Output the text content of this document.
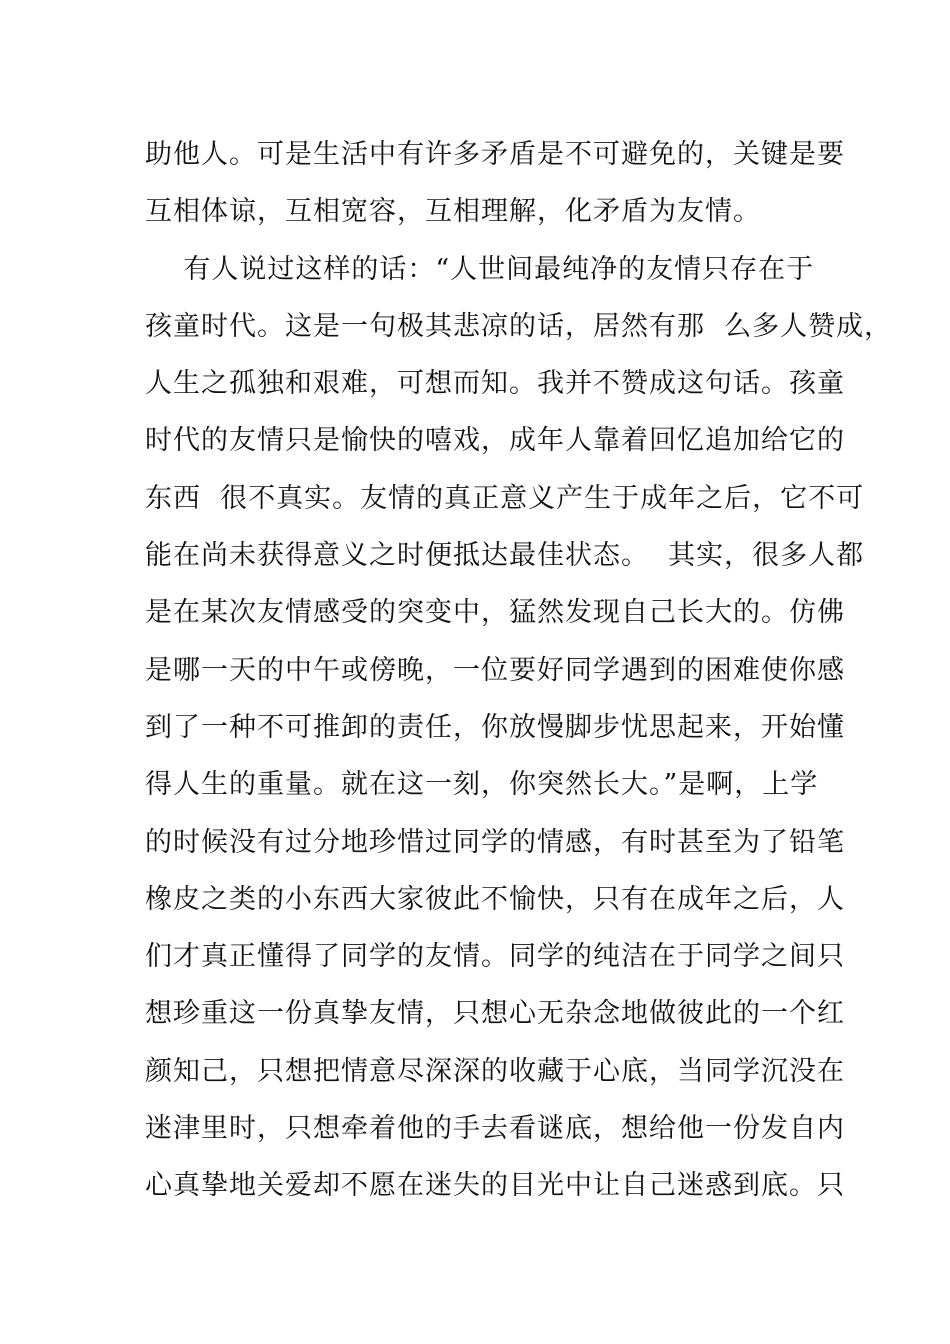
助他人。可是生活中有许多矛盾是不可避免的，关键是要
互相体谅，互相宽容，互相理解，化矛盾为友情。
有人说过这样的话：“人世间最纯净的友情只存在于
孩童时代。这是一句极其悲凉的话，居然有那  么多人赞成，
人生之孤独和艰难，可想而知。我并不赞成这句话。孩童
时代的友情只是愉快的嘻戏，成年人靠着回忆追加给它的
东西  很不真实。友情的真正意义产生于成年之后，它不可
能在尚未获得意义之时便抵达最佳状态。  其实，很多人都
是在某次友情感受的突变中，猛然发现自己长大的。仿佛
是哪一天的中午或傍晚，一位要好同学遇到的困难使你感
到了一种不可推卸的责任，你放慢脚步忧思起来，开始懂
得人生的重量。就在这一刻，你突然长大。”是啊，上学
的时候没有过分地珍惜过同学的情感，有时甚至为了铅笔
橡皮之类的小东西大家彼此不愉快，只有在成年之后，人
们才真正懂得了同学的友情。同学的纯洁在于同学之间只
想珍重这一份真挚友情，只想心无杂念地做彼此的一个红
颜知己，只想把情意尽深深的收藏于心底，当同学沉没在
迷津里时，只想牵着他的手去看谜底，想给他一份发自内
心真挚地关爱却不愿在迷失的目光中让自己迷惑到底。只
